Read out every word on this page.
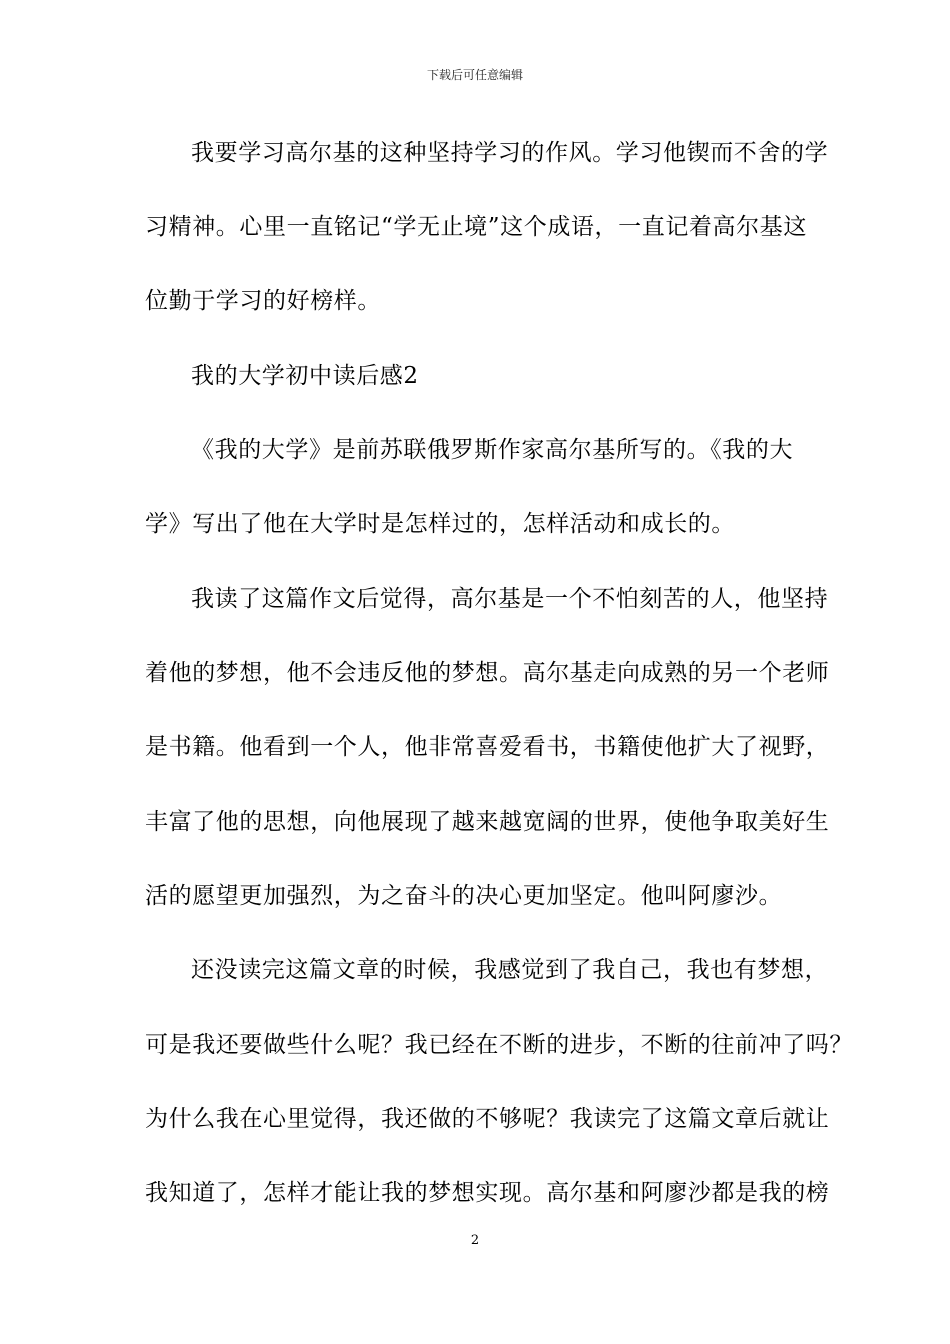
下载后可任意编辑
我要学习高尔基的这种坚持学习的作风。学习他锲而不舍的学
习精神。心里一直铭记“学无止境”这个成语，一直记着高尔基这
位勤于学习的好榜样。
我的大学初中读后感2
《我的大学》是前苏联俄罗斯作家高尔基所写的。《我的大
学》写出了他在大学时是怎样过的，怎样活动和成长的。
我读了这篇作文后觉得，高尔基是一个不怕刻苦的人，他坚持
着他的梦想，他不会违反他的梦想。高尔基走向成熟的另一个老师
是书籍。他看到一个人，他非常喜爱看书，书籍使他扩大了视野，
丰富了他的思想，向他展现了越来越宽阔的世界，使他争取美好生
活的愿望更加强烈，为之奋斗的决心更加坚定。他叫阿廖沙。
还没读完这篇文章的时候，我感觉到了我自己，我也有梦想，
可是我还要做些什么呢？我已经在不断的进步，不断的往前冲了吗？
为什么我在心里觉得，我还做的不够呢？我读完了这篇文章后就让
我知道了，怎样才能让我的梦想实现。高尔基和阿廖沙都是我的榜
2
